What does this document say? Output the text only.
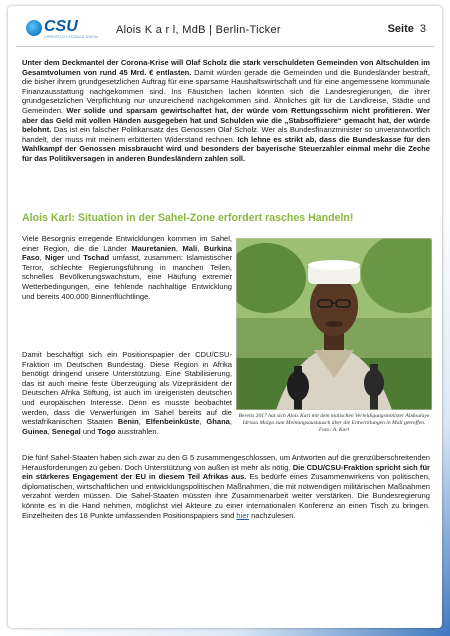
CSU
CHRISTLICH-SOZIALE UNION
Alois K a r l, MdB | Berlin-Ticker	Seite 3
Unter dem Deckmantel der Corona-Krise will Olaf Scholz die stark verschuldeten Gemeinden von Altschulden im Gesamtvolumen von rund 45 Mrd. € entlasten. Damit würden gerade die Gemeinden und die Bundesländer bestraft, die bisher ihrem grundgesetzlichen Auftrag für eine sparsame Haushaltswirtschaft und für eine angemessene kommunale Finanzausstattung nachgekommen sind. Ins Fäustchen lachen könnten sich die Landesregierungen, die ihrer grundgesetzlichen Verpflichtung nur unzureichend nachgekommen sind. Ähnliches gilt für die Landkreise, Städte und Gemeinden. Wer solide und sparsam gewirtschaftet hat, der würde vom Rettungsschirm nicht profitieren. Wer aber das Geld mit vollen Händen ausgegeben hat und Schulden wie die „Stabsoffiziere“ gemacht hat, der würde belohnt. Das ist ein falscher Politikansatz des Genossen Olaf Scholz. Wer als Bundesfinanzminister so unverantwortlich handelt, der muss mit meinem erbitterten Widerstand rechnen. Ich lehne es strikt ab, dass die Bundeskasse für den Wahlkampf der Genossen missbraucht wird und besonders der bayerische Steuerzahler einmal mehr die Zeche für das Politikversagen in anderen Bundesländern zahlen soll.
Alois Karl: Situation in der Sahel-Zone erfordert rasches Handeln!
Viele Besorgnis erregende Entwicklungen kommen im Sahel, einer Region, die die Länder Mauretanien, Mali, Burkina Faso, Niger und Tschad umfasst, zusammen: Islamistischer Terror, schlechte Regierungsführung in manchen Teilen, schnelles Bevölkerungswachstum, eine Häufung extremer Wetterbedingungen, eine fehlende nachhaltige Entwicklung und bereits 400.000 Binnenflüchtlinge.
Damit beschäftigt sich ein Positionspapier der CDU/CSU-Fraktion im Deutschen Bundestag. Diese Region in Afrika benötigt dringend unsere Unterstützung. Eine Stabilisierung, das ist auch meine feste Überzeugung als Vizepräsident der Deutschen Afrika Stiftung, ist auch im ureigensten deutschen und europäischen Interesse. Denn es musste beobachtet werden, dass die Verwerfungen im Sahel bereits auf die westafrikanischen Staaten Benin, Elfenbeinküste, Ghana, Guinea, Senegal und Togo ausstrahlen.
Bereits 2017 hat sich Alois Karl mit dem malischen Verteidigungsminister Abdoulaye Idrissa Maïga zum Meinungsaustausch über die Entwicklungen in Mali getroffen. Foto: A. Karl
Die fünf Sahel-Staaten haben sich zwar zu den G 5 zusammengeschlossen, um Antworten auf die grenzüberschreitenden Herausforderungen zu geben. Doch Unterstützung von außen ist mehr als nötig. Die CDU/CSU-Fraktion spricht sich für ein stärkeres Engagement der EU in diesem Teil Afrikas aus. Es bedürfe eines Zusammenwirkens von politischen, diplomatischen, wirtschaftlichen und entwicklungspolitischen Maßnahmen, die mit notwendigen militärischen Maßnahmen verzahnt werden müssen. Die Sahel-Staaten müssten ihre Zusammenarbeit weiter verstärken. Die Bundesregierung könnte es in die Hand nehmen, möglichst viel Akteure zu einer internationalen Konferenz an einen Tisch zu bringen. Einzelheiten des 18 Punkte umfassenden Positionspapiers sind hier nachzulesen.
